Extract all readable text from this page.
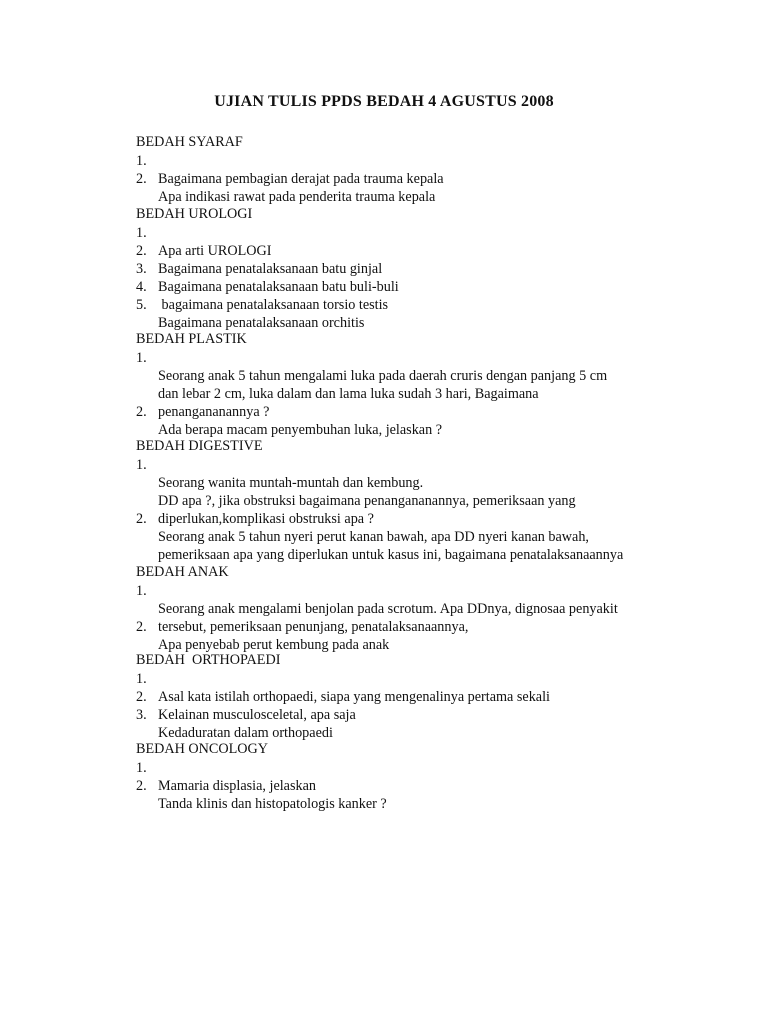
UJIAN TULIS PPDS BEDAH 4 AGUSTUS 2008
BEDAH SYARAF
1.
Bagaimana pembagian derajat pada trauma kepala
2.
Apa indikasi rawat pada penderita trauma kepala
BEDAH UROLOGI
1.
Apa arti UROLOGI
2.
Bagaimana penatalaksanaan batu ginjal
3.
Bagaimana penatalaksanaan batu buli-buli
4.
bagaimana penatalaksanaan torsio testis
5.
Bagaimana penatalaksanaan orchitis
BEDAH PLASTIK
1.
Seorang anak 5 tahun mengalami luka pada daerah cruris dengan panjang 5 cm
dan lebar 2 cm, luka dalam dan lama luka sudah 3 hari, Bagaimana
penangananannya ?
2.
Ada berapa macam penyembuhan luka, jelaskan ?
BEDAH DIGESTIVE
1.
Seorang wanita muntah-muntah dan kembung.
DD apa ?, jika obstruksi bagaimana penangananannya, pemeriksaan yang
diperlukan,komplikasi obstruksi apa ?
2.
Seorang anak 5 tahun nyeri perut kanan bawah, apa DD nyeri kanan bawah,
pemeriksaan apa yang diperlukan untuk kasus ini, bagaimana penatalaksanaannya
BEDAH ANAK
1.
Seorang anak mengalami benjolan pada scrotum. Apa DDnya, dignosaa penyakit
tersebut, pemeriksaan penunjang, penatalaksanaannya,
2.
Apa penyebab perut kembung pada anak
BEDAH  ORTHOPAEDI
1.
Asal kata istilah orthopaedi, siapa yang mengenalinya pertama sekali
2.
Kelainan musculosceletal, apa saja
3.
Kedaduratan dalam orthopaedi
BEDAH ONCOLOGY
1.
Mamaria displasia, jelaskan
2.
Tanda klinis dan histopatologis kanker ?
